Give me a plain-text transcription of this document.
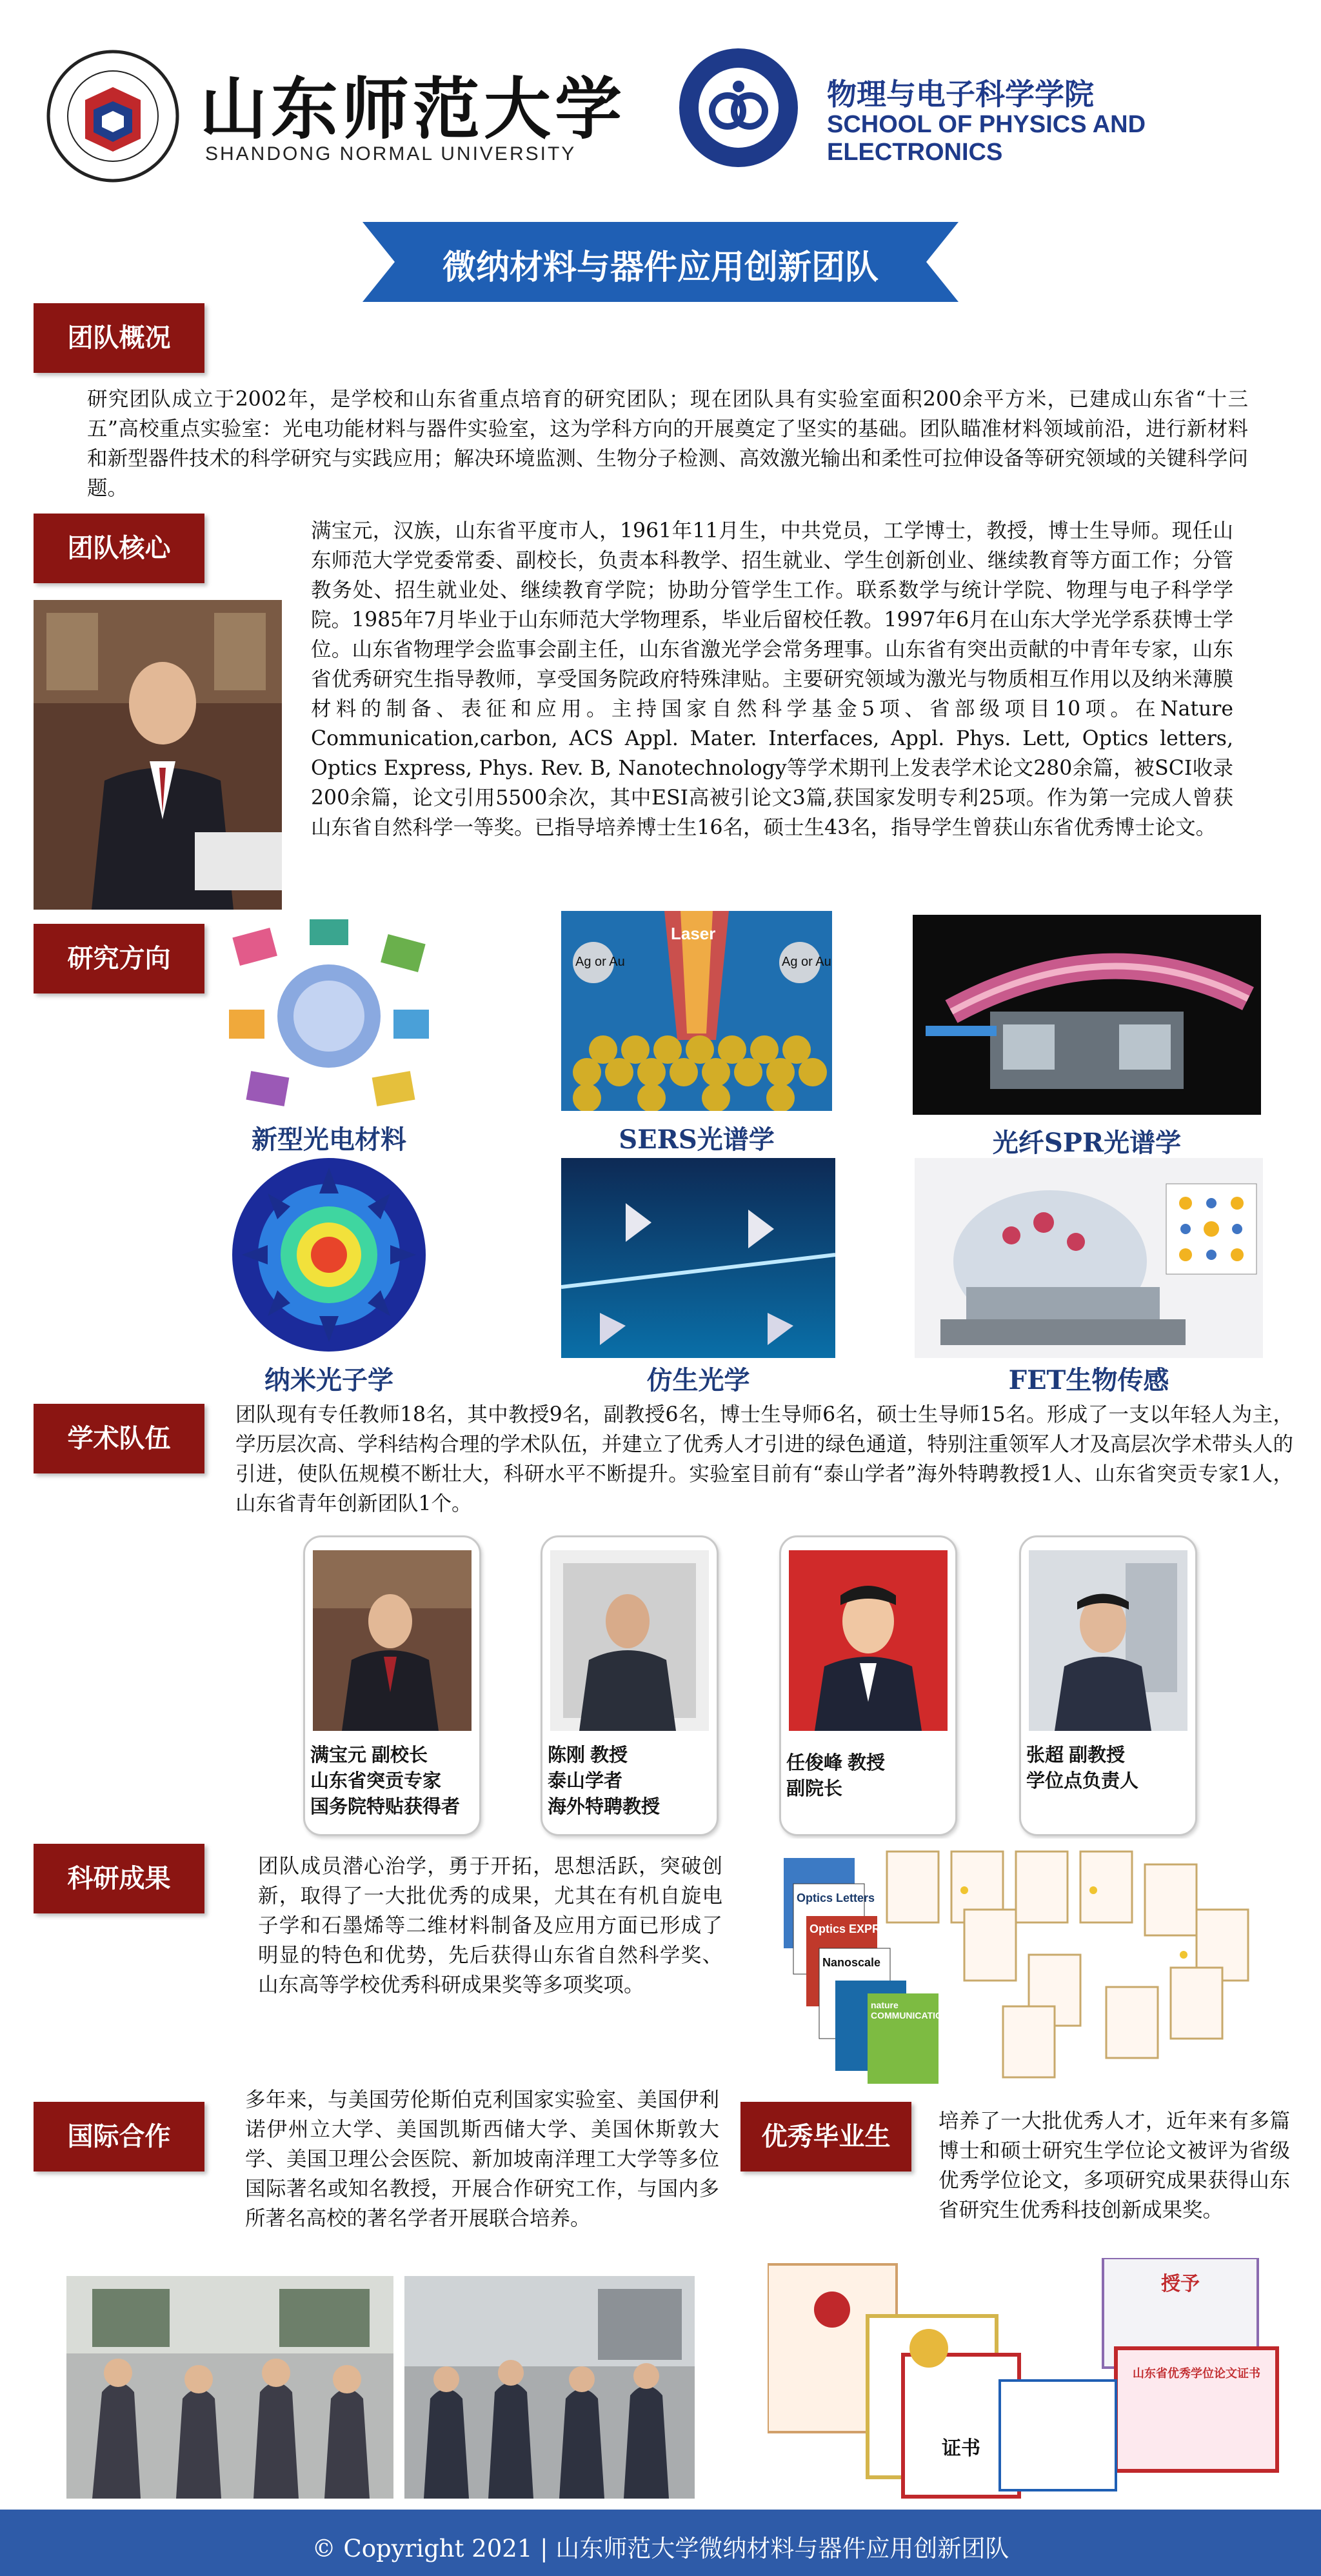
山东师范大学
SHANDONG NORMAL UNIVERSITY
物理与电子科学学院
SCHOOL OF PHYSICS AND ELECTRONICS
微纳材料与器件应用创新团队
团队概况
研究团队成立于2002年，是学校和山东省重点培育的研究团队；现在团队具有实验室面积200余平方米，已建成山东省“十三五”高校重点实验室：光电功能材料与器件实验室，这为学科方向的开展奠定了坚实的基础。团队瞄准材料领域前沿，进行新材料和新型器件技术的科学研究与实践应用；解决环境监测、生物分子检测、高效激光输出和柔性可拉伸设备等研究领域的关键科学问题。
团队核心
满宝元，汉族，山东省平度市人，1961年11月生，中共党员，工学博士，教授，博士生导师。现任山东师范大学党委常委、副校长，负责本科教学、招生就业、学生创新创业、继续教育等方面工作；分管教务处、招生就业处、继续教育学院；协助分管学生工作。联系数学与统计学院、物理与电子科学学院。1985年7月毕业于山东师范大学物理系，毕业后留校任教。1997年6月在山东大学光学系获博士学位。山东省物理学会监事会副主任，山东省激光学会常务理事。山东省有突出贡献的中青年专家，山东省优秀研究生指导教师，享受国务院政府特殊津贴。主要研究领域为激光与物质相互作用以及纳米薄膜材料的制备、表征和应用。主持国家自然科学基金5项、省部级项目10项。在Nature Communication,carbon, ACS Appl. Mater. Interfaces, Appl. Phys. Lett, Optics letters, Optics Express, Phys. Rev. B, Nanotechnology等学术期刊上发表学术论文280余篇，被SCI收录200余篇，论文引用5500余次，其中ESI高被引论文3篇,获国家发明专利25项。作为第一完成人曾获山东省自然科学一等奖。已指导培养博士生16名，硕士生43名，指导学生曾获山东省优秀博士论文。
研究方向
新型光电材料
Laser
Ag or Au	Ag or Au
SERS光谱学	光纤SPR光谱学
纳米光子学	仿生光学	FET生物传感
学术队伍
团队现有专任教师18名，其中教授9名，副教授6名，博士生导师6名，硕士生导师15名。形成了一支以年轻人为主，学历层次高、学科结构合理的学术队伍，并建立了优秀人才引进的绿色通道，特别注重领军人才及高层次学术带头人的引进，使队伍规模不断壮大，科研水平不断提升。实验室目前有“泰山学者”海外特聘教授1人、山东省突贡专家1人，山东省青年创新团队1个。
满宝元 副校长
山东省突贡专家
国务院特贴获得者
陈刚 教授
泰山学者
海外特聘教授
任俊峰 教授
副院长
张超 副教授
学位点负责人
科研成果	团队成员潜心治学，勇于开拓，思想活跃，突破创新，取得了一大批优秀的成果，尤其在有机自旋电子学和石墨烯等二维材料制备及应用方面已形成了明显的特色和优势，先后获得山东省自然科学奖、山东高等学校优秀科研成果奖等多项奖项。
Optics Letters
Optics EXPRESS
Nanoscale
nature COMMUNICATIONS
国际合作
多年来，与美国劳伦斯伯克利国家实验室、美国伊利诺伊州立大学、美国凯斯西储大学、美国休斯敦大学、美国卫理公会医院、新加坡南洋理工大学等多位国际著名或知名教授，开展合作研究工作，与国内多所著名高校的著名学者开展联合培养。
优秀毕业生
培养了一大批优秀人才，近年来有多篇博士和硕士研究生学位论文被评为省级优秀学位论文，多项研究成果获得山东省研究生优秀科技创新成果奖。
证书
授予
山东省优秀学位论文证书
© Copyright 2021 | 山东师范大学微纳材料与器件应用创新团队
